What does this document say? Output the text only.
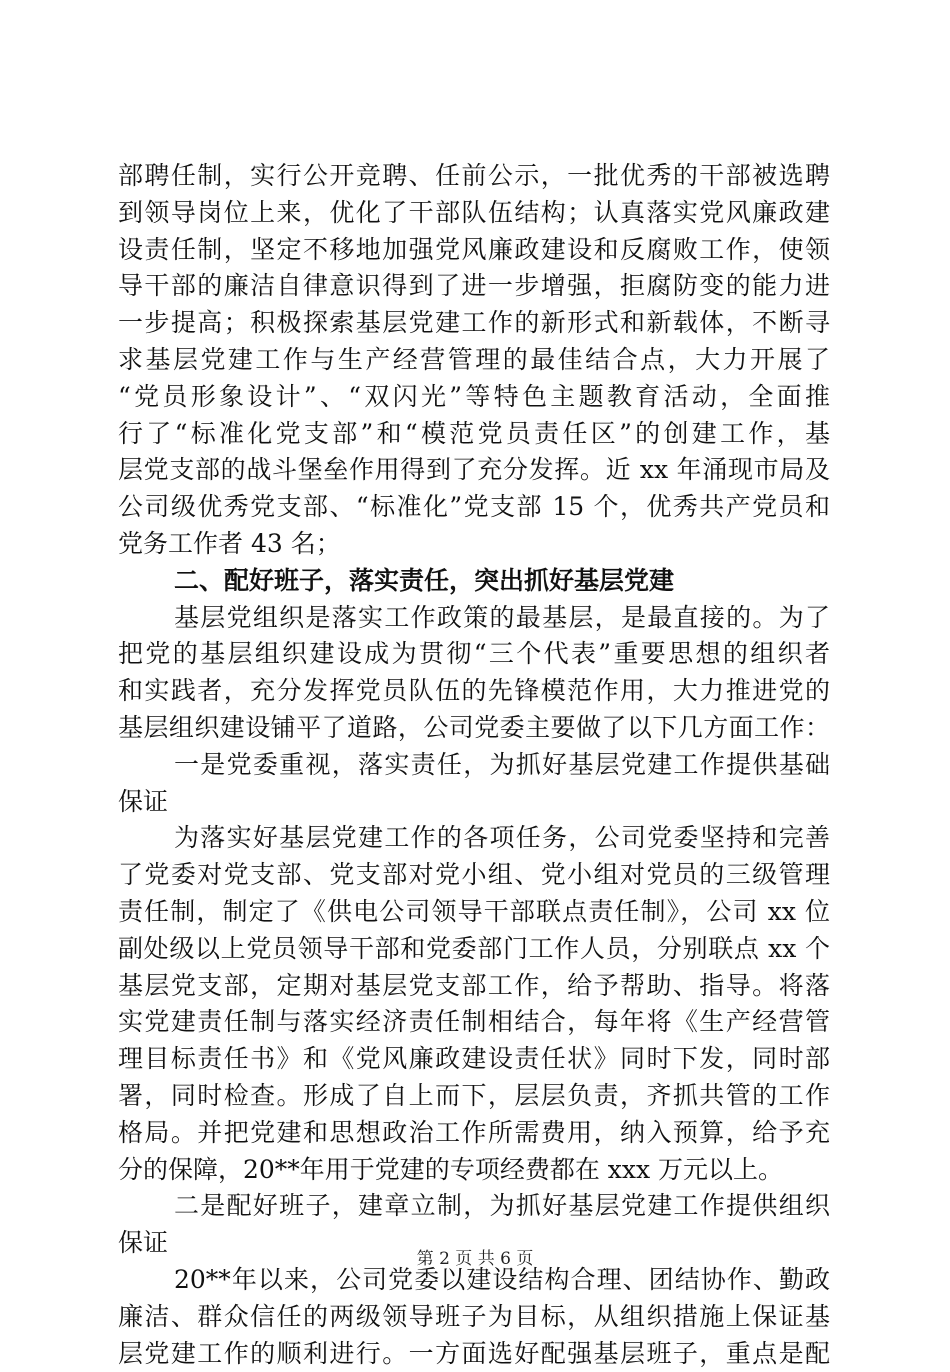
部聘任制，实行公开竞聘、任前公示，一批优秀的干部被选聘
到领导岗位上来，优化了干部队伍结构；认真落实党风廉政建
设责任制，坚定不移地加强党风廉政建设和反腐败工作，使领
导干部的廉洁自律意识得到了进一步增强，拒腐防变的能力进
一步提高；积极探索基层党建工作的新形式和新载体，不断寻
求基层党建工作与生产经营管理的最佳结合点，大力开展了
“党员形象设计”、“双闪光”等特色主题教育活动，全面推
行了“标准化党支部”和“模范党员责任区”的创建工作，基
层党支部的战斗堡垒作用得到了充分发挥。近 xx 年涌现市局及
公司级优秀党支部、“标准化”党支部 15 个，优秀共产党员和
党务工作者 43 名；
二、配好班子，落实责任，突出抓好基层党建
基层党组织是落实工作政策的最基层，是最直接的。为了
把党的基层组织建设成为贯彻“三个代表”重要思想的组织者
和实践者，充分发挥党员队伍的先锋模范作用，大力推进党的
基层组织建设铺平了道路，公司党委主要做了以下几方面工作：
一是党委重视，落实责任，为抓好基层党建工作提供基础
保证
为落实好基层党建工作的各项任务，公司党委坚持和完善
了党委对党支部、党支部对党小组、党小组对党员的三级管理
责任制，制定了《供电公司领导干部联点责任制》，公司 xx 位
副处级以上党员领导干部和党委部门工作人员，分别联点 xx 个
基层党支部，定期对基层党支部工作，给予帮助、指导。将落
实党建责任制与落实经济责任制相结合，每年将《生产经营管
理目标责任书》和《党风廉政建设责任状》同时下发，同时部
署，同时检查。形成了自上而下，层层负责，齐抓共管的工作
格局。并把党建和思想政治工作所需费用，纳入预算，给予充
分的保障，20**年用于党建的专项经费都在 xxx 万元以上。
二是配好班子，建章立制，为抓好基层党建工作提供组织
保证
20**年以来，公司党委以建设结构合理、团结协作、勤政
廉洁、群众信任的两级领导班子为目标，从组织措施上保证基
层党建工作的顺利进行。一方面选好配强基层班子，重点是配
第 2 页 共 6 页
